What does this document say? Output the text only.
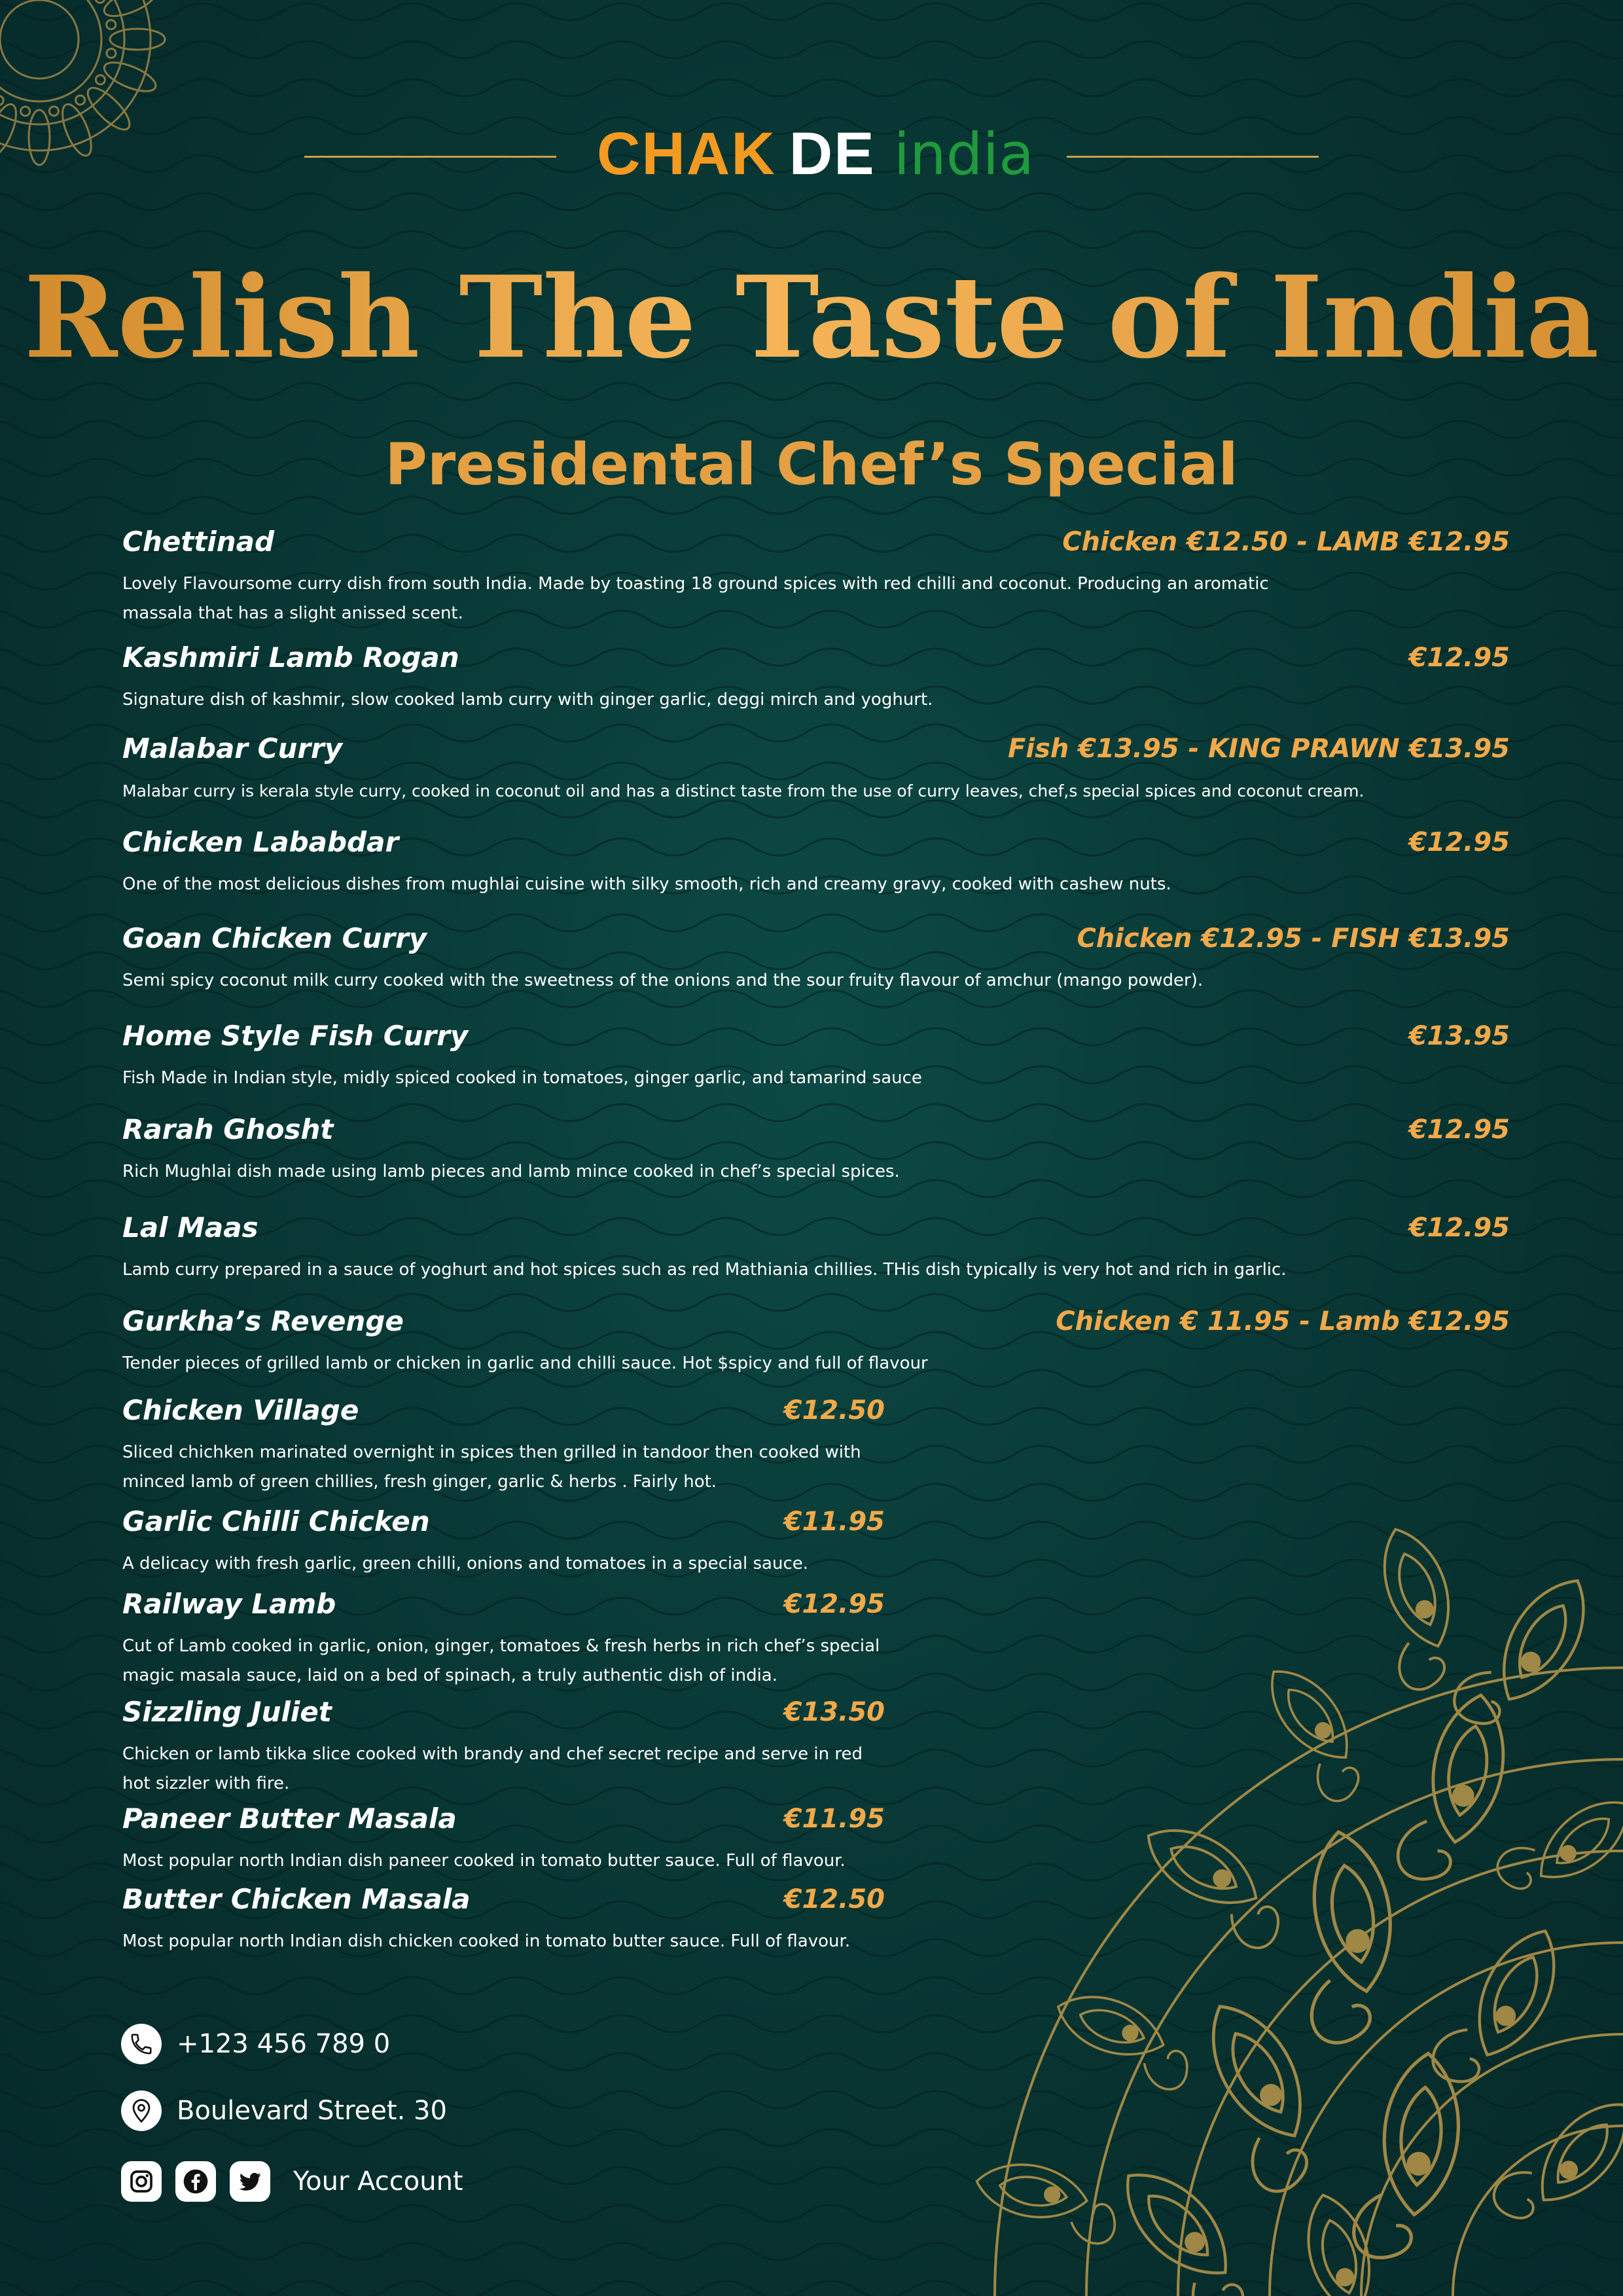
CHAK DE india
Relish The Taste of India
Presidental Chef’s Special
Chettinad	Chicken €12.50 - LAMB €12.95
Lovely Flavoursome curry dish from south India. Made by toasting 18 ground spices with red chilli and coconut. Producing an aromatic massala that has a slight anissed scent.
Kashmiri Lamb Rogan	€12.95
Signature dish of kashmir, slow cooked lamb curry with ginger garlic, deggi mirch and yoghurt.
Malabar Curry	Fish €13.95 - KING PRAWN €13.95
Malabar curry is kerala style curry, cooked in coconut oil and has a distinct taste from the use of curry leaves, chef,s special spices and coconut cream.
Chicken Lababdar	€12.95
One of the most delicious dishes from mughlai cuisine with silky smooth, rich and creamy gravy, cooked with cashew nuts.
Goan Chicken Curry	Chicken €12.95 - FISH €13.95
Semi spicy coconut milk curry cooked with the sweetness of the onions and the sour fruity flavour of amchur (mango powder).
Home Style Fish Curry	€13.95
Fish Made in Indian style, midly spiced cooked in tomatoes, ginger garlic, and tamarind sauce
Rarah Ghosht	€12.95
Rich Mughlai dish made using lamb pieces and lamb mince cooked in chef’s special spices.
Lal Maas	€12.95
Lamb curry prepared in a sauce of yoghurt and hot spices such as red Mathiania chillies. THis dish typically is very hot and rich in garlic.
Gurkha’s Revenge	Chicken € 11.95 - Lamb €12.95
Tender pieces of grilled lamb or chicken in garlic and chilli sauce. Hot $spicy and full of flavour
Chicken Village	€12.50
Sliced chichken marinated overnight in spices then grilled in tandoor then cooked with minced lamb of green chillies, fresh ginger, garlic & herbs . Fairly hot.
Garlic Chilli Chicken	€11.95
A delicacy with fresh garlic, green chilli, onions and tomatoes in a special sauce.
Railway Lamb	€12.95
Cut of Lamb cooked in garlic, onion, ginger, tomatoes & fresh herbs in rich chef’s special magic masala sauce, laid on a bed of spinach, a truly authentic dish of india.
Sizzling Juliet	€13.50
Chicken or lamb tikka slice cooked with brandy and chef secret recipe and serve in red hot sizzler with fire.
Paneer Butter Masala	€11.95
Most popular north Indian dish paneer cooked in tomato butter sauce. Full of flavour.
Butter Chicken Masala	€12.50
Most popular north Indian dish chicken cooked in tomato butter sauce. Full of flavour.
+123 456 789 0
Boulevard Street. 30
Your Account
